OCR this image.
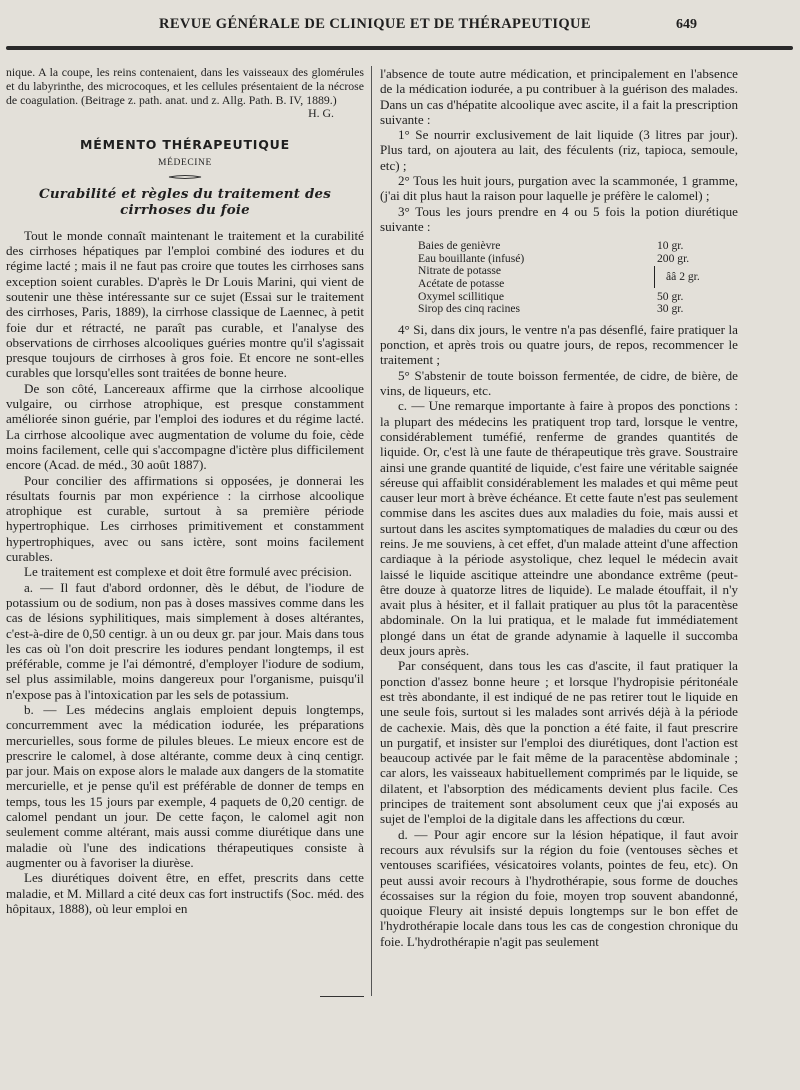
REVUE GÉNÉRALE DE CLINIQUE ET DE THÉRAPEUTIQUE	649
nique. A la coupe, les reins contenaient, dans les vaisseaux des glomérules et du labyrinthe, des microcoques, et les cellules présentaient de la nécrose de coagulation. (Beitrage z. path. anat. und z. Allg. Path. B. IV, 1889.)
H. G.
MÉMENTO THÉRAPEUTIQUE
MÉDECINE
Curabilité et règles du traitement des cirrhoses du foie

Tout le monde connaît maintenant le traitement et la curabilité des cirrhoses hépatiques par l'emploi combiné des iodures et du régime lacté ; mais il ne faut pas croire que toutes les cirrhoses sans exception soient curables. D'après le Dr Louis Marini, qui vient de soutenir une thèse intéressante sur ce sujet (Essai sur le traitement des cirrhoses, Paris, 1889), la cirrhose classique de Laennec, à petit foie dur et rétracté, ne paraît pas curable, et l'analyse des observations de cirrhoses alcooliques guéries montre qu'il s'agissait presque toujours de cirrhoses à gros foie. Et encore ne sont-elles curables que lorsqu'elles sont traitées de bonne heure.

De son côté, Lancereaux affirme que la cirrhose alcoolique vulgaire, ou cirrhose atrophique, est presque constamment améliorée sinon guérie, par l'emploi des iodures et du régime lacté. La cirrhose alcoolique avec augmentation de volume du foie, cède moins facilement, celle qui s'accompagne d'ictère plus difficilement encore (Acad. de méd., 30 août 1887).

Pour concilier des affirmations si opposées, je donnerai les résultats fournis par mon expérience : la cirrhose alcoolique atrophique est curable, surtout à sa première période hypertrophique. Les cirrhoses primitivement et constamment hypertrophiques, avec ou sans ictère, sont moins facilement curables.

Le traitement est complexe et doit être formulé avec précision.

a. — Il faut d'abord ordonner, dès le début, de l'iodure de potassium ou de sodium, non pas à doses massives comme dans les cas de lésions syphilitiques, mais simplement à doses altérantes, c'est-à-dire de 0,50 centigr. à un ou deux gr. par jour. Mais dans tous les cas où l'on doit prescrire les iodures pendant longtemps, il est préférable, comme je l'ai démontré, d'employer l'iodure de sodium, sel plus assimilable, moins dangereux pour l'organisme, puisqu'il n'expose pas à l'intoxication par les sels de potassium.

b. — Les médecins anglais emploient depuis longtemps, concurremment avec la médication iodurée, les préparations mercurielles, sous forme de pilules bleues. Le mieux encore est de prescrire le calomel, à dose altérante, comme deux à cinq centigr. par jour. Mais on expose alors le malade aux dangers de la stomatite mercurielle, et je pense qu'il est préférable de donner de temps en temps, tous les 15 jours par exemple, 4 paquets de 0,20 centigr. de calomel pendant un jour. De cette façon, le calomel agit non seulement comme altérant, mais aussi comme diurétique dans une maladie où l'une des indications thérapeutiques consiste à augmenter ou à favoriser la diurèse.

Les diurétiques doivent être, en effet, prescrits dans cette maladie, et M. Millard a cité deux cas fort instructifs (Soc. méd. des hôpitaux, 1888), où leur emploi en

l'absence de toute autre médication, et principalement en l'absence de la médication iodurée, a pu contribuer à la guérison des malades. Dans un cas d'hépatite alcoolique avec ascite, il a fait la prescription suivante :

1° Se nourrir exclusivement de lait liquide (3 litres par jour). Plus tard, on ajoutera au lait, des féculents (riz, tapioca, semoule, etc) ;

2° Tous les huit jours, purgation avec la scammonée, 1 gramme, (j'ai dit plus haut la raison pour laquelle je préfère le calomel) ;

3° Tous les jours prendre en 4 ou 5 fois la potion diurétique suivante :

Baies de genièvre	10 gr.
Eau bouillante (infusé)	200 gr.
Nitrate de potasse
Acétate de potasse
ââ 2 gr.
Oxymel scillitique	50 gr.
Sirop des cinq racines	30 gr.

4° Si, dans dix jours, le ventre n'a pas désenflé, faire pratiquer la ponction, et après trois ou quatre jours, de repos, recommencer le traitement ;

5° S'abstenir de toute boisson fermentée, de cidre, de bière, de vins, de liqueurs, etc.

c. — Une remarque importante à faire à propos des ponctions : la plupart des médecins les pratiquent trop tard, lorsque le ventre, considérablement tuméfié, renferme de grandes quantités de liquide. Or, c'est là une faute de thérapeutique très grave. Soustraire ainsi une grande quantité de liquide, c'est faire une véritable saignée séreuse qui affaiblit considérablement les malades et qui même peut causer leur mort à brève échéance. Et cette faute n'est pas seulement commise dans les ascites dues aux maladies du foie, mais aussi et surtout dans les ascites symptomatiques de maladies du cœur ou des reins. Je me souviens, à cet effet, d'un malade atteint d'une affection cardiaque à la période asystolique, chez lequel le médecin avait laissé le liquide ascitique atteindre une abondance extrême (peut-être douze à quatorze litres de liquide). Le malade étouffait, il n'y avait plus à hésiter, et il fallait pratiquer au plus tôt la paracentèse abdominale. On la lui pratiqua, et le malade fut immédiatement plongé dans un état de grande adynamie à laquelle il succomba deux jours après.

Par conséquent, dans tous les cas d'ascite, il faut pratiquer la ponction d'assez bonne heure ; et lorsque l'hydropisie péritonéale est très abondante, il est indiqué de ne pas retirer tout le liquide en une seule fois, surtout si les malades sont arrivés déjà à la période de cachexie. Mais, dès que la ponction a été faite, il faut prescrire un purgatif, et insister sur l'emploi des diurétiques, dont l'action est beaucoup activée par le fait même de la paracentèse abdominale ; car alors, les vaisseaux habituellement comprimés par le liquide, se dilatent, et l'absorption des médicaments devient plus facile. Ces principes de traitement sont absolument ceux que j'ai exposés au sujet de l'emploi de la digitale dans les affections du cœur.

d. — Pour agir encore sur la lésion hépatique, il faut avoir recours aux révulsifs sur la région du foie (ventouses sèches et ventouses scarifiées, vésicatoires volants, pointes de feu, etc). On peut aussi avoir recours à l'hydrothérapie, sous forme de douches écossaises sur la région du foie, moyen trop souvent abandonné, quoique Fleury ait insisté depuis longtemps sur le bon effet de l'hydrothérapie locale dans tous les cas de congestion chronique du foie. L'hydrothérapie n'agit pas seulement
